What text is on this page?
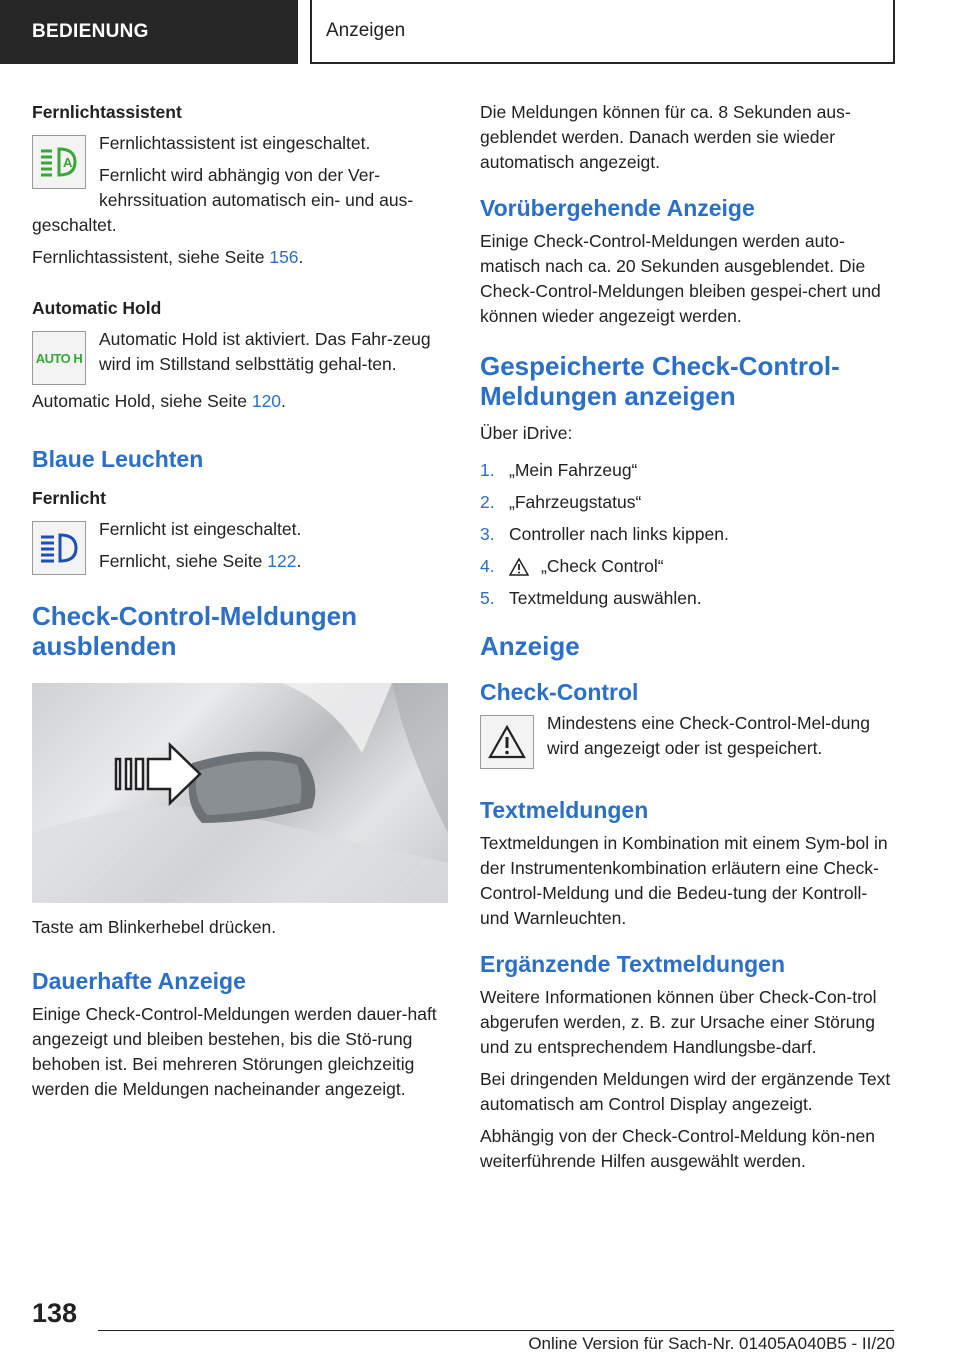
BEDIENUNG	Anzeigen
Fernlichtassistent
A

Fernlichtassistent ist eingeschaltet.

Fernlicht wird abhängig von der Ver-kehrssituation automatisch ein- und aus-geschaltet.

Fernlichtassistent, siehe Seite 156.

Automatic Hold
AUTO H

Automatic Hold ist aktiviert. Das Fahr-zeug wird im Stillstand selbsttätig gehal-ten.

Automatic Hold, siehe Seite 120.

Blaue Leuchten
Fernlicht

Fernlicht ist eingeschaltet.

Fernlicht, siehe Seite 122.

Check-Control-Meldungen ausblenden

Taste am Blinkerhebel drücken.

Dauerhafte Anzeige

Einige Check-Control-Meldungen werden dauer-haft angezeigt und bleiben bestehen, bis die Stö-rung behoben ist. Bei mehreren Störungen gleichzeitig werden die Meldungen nacheinander angezeigt.

Die Meldungen können für ca. 8 Sekunden aus-geblendet werden. Danach werden sie wieder automatisch angezeigt.

Vorübergehende Anzeige

Einige Check-Control-Meldungen werden auto-matisch nach ca. 20 Sekunden ausgeblendet. Die Check-Control-Meldungen bleiben gespei-chert und können wieder angezeigt werden.

Gespeicherte Check-Control-Meldungen anzeigen

Über iDrive:

1. „Mein Fahrzeug“
2. „Fahrzeugstatus“
3. Controller nach links kippen.
4.	„Check Control“
5. Textmeldung auswählen.
Anzeige
Check-Control

Mindestens eine Check-Control-Mel-dung wird angezeigt oder ist gespeichert.

Textmeldungen

Textmeldungen in Kombination mit einem Sym-bol in der Instrumentenkombination erläutern eine Check-Control-Meldung und die Bedeu-tung der Kontroll- und Warnleuchten.

Ergänzende Textmeldungen

Weitere Informationen können über Check-Con-trol abgerufen werden, z. B. zur Ursache einer Störung und zu entsprechendem Handlungsbe-darf.

Bei dringenden Meldungen wird der ergänzende Text automatisch am Control Display angezeigt.

Abhängig von der Check-Control-Meldung kön-nen weiterführende Hilfen ausgewählt werden.

138
Online Version für Sach-Nr. 01405A040B5 - II/20
